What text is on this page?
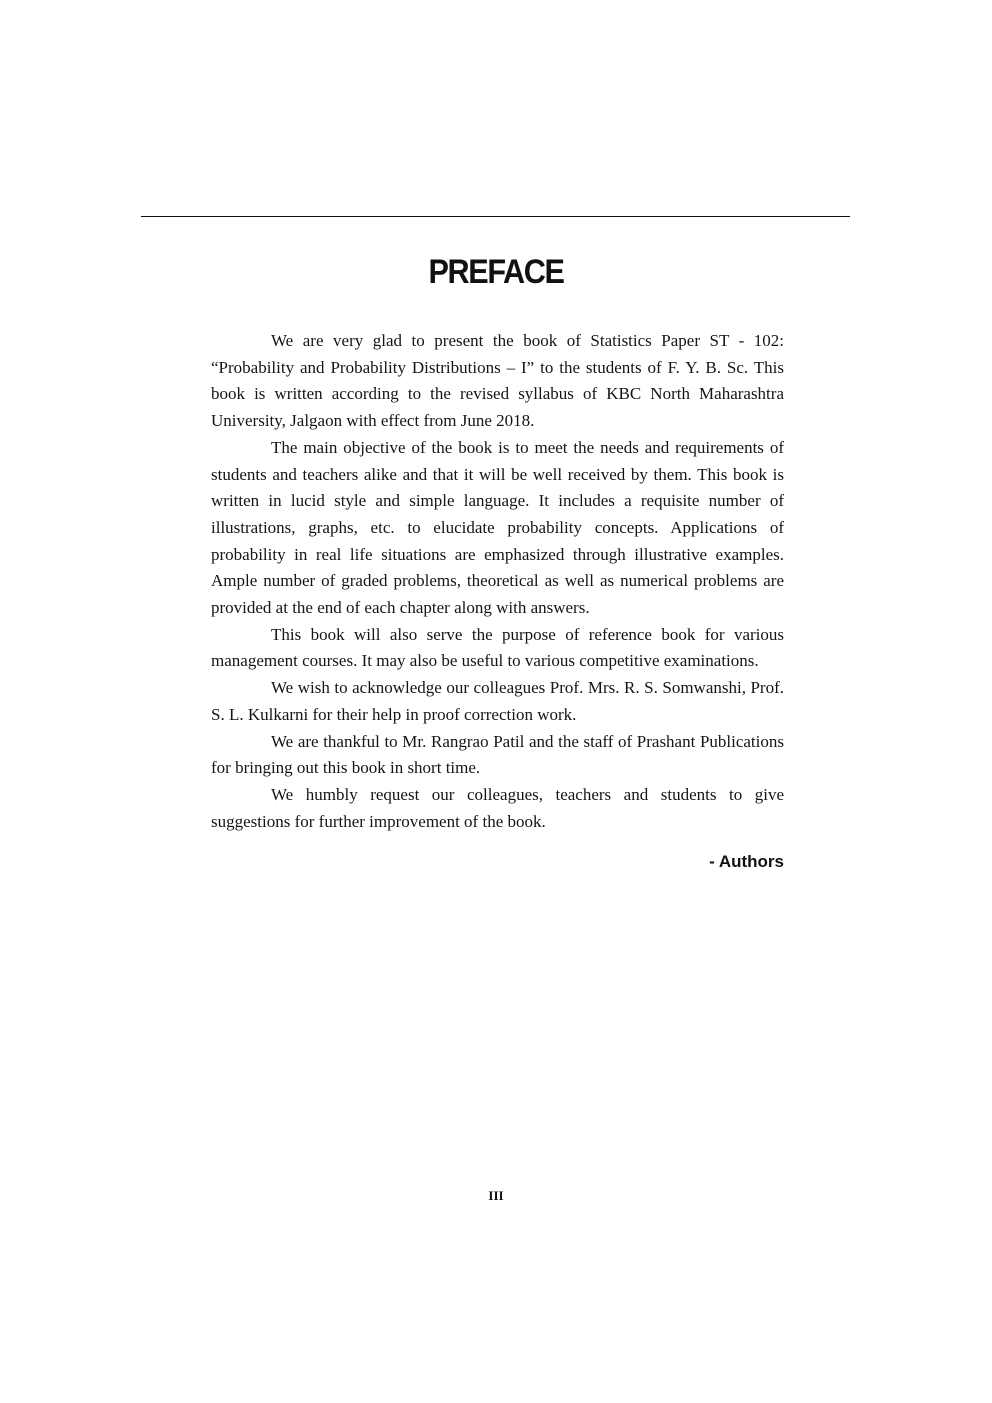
PREFACE

We are very glad to present the book of Statistics Paper ST - 102: “Probability and Probability Distributions – I” to the students of F. Y. B. Sc. This book is written according to the revised syllabus of KBC North Maharashtra University, Jalgaon with effect from June 2018.

The main objective of the book is to meet the needs and requirements of students and teachers alike and that it will be well received by them. This book is written in lucid style and simple language. It includes a requisite number of illustrations, graphs, etc. to elucidate probability concepts. Applications of probability in real life situations are emphasized through illustrative examples. Ample number of graded problems, theoretical as well as numerical problems are provided at the end of each chapter along with answers.

This book will also serve the purpose of reference book for various management courses. It may also be useful to various competitive examinations.

We wish to acknowledge our colleagues Prof. Mrs. R. S. Somwanshi, Prof. S. L. Kulkarni for their help in proof correction work.

We are thankful to Mr. Rangrao Patil and the staff of Prashant Publications for bringing out this book in short time.

We humbly request our colleagues, teachers and students to give suggestions for further improvement of the book.

- Authors

III
